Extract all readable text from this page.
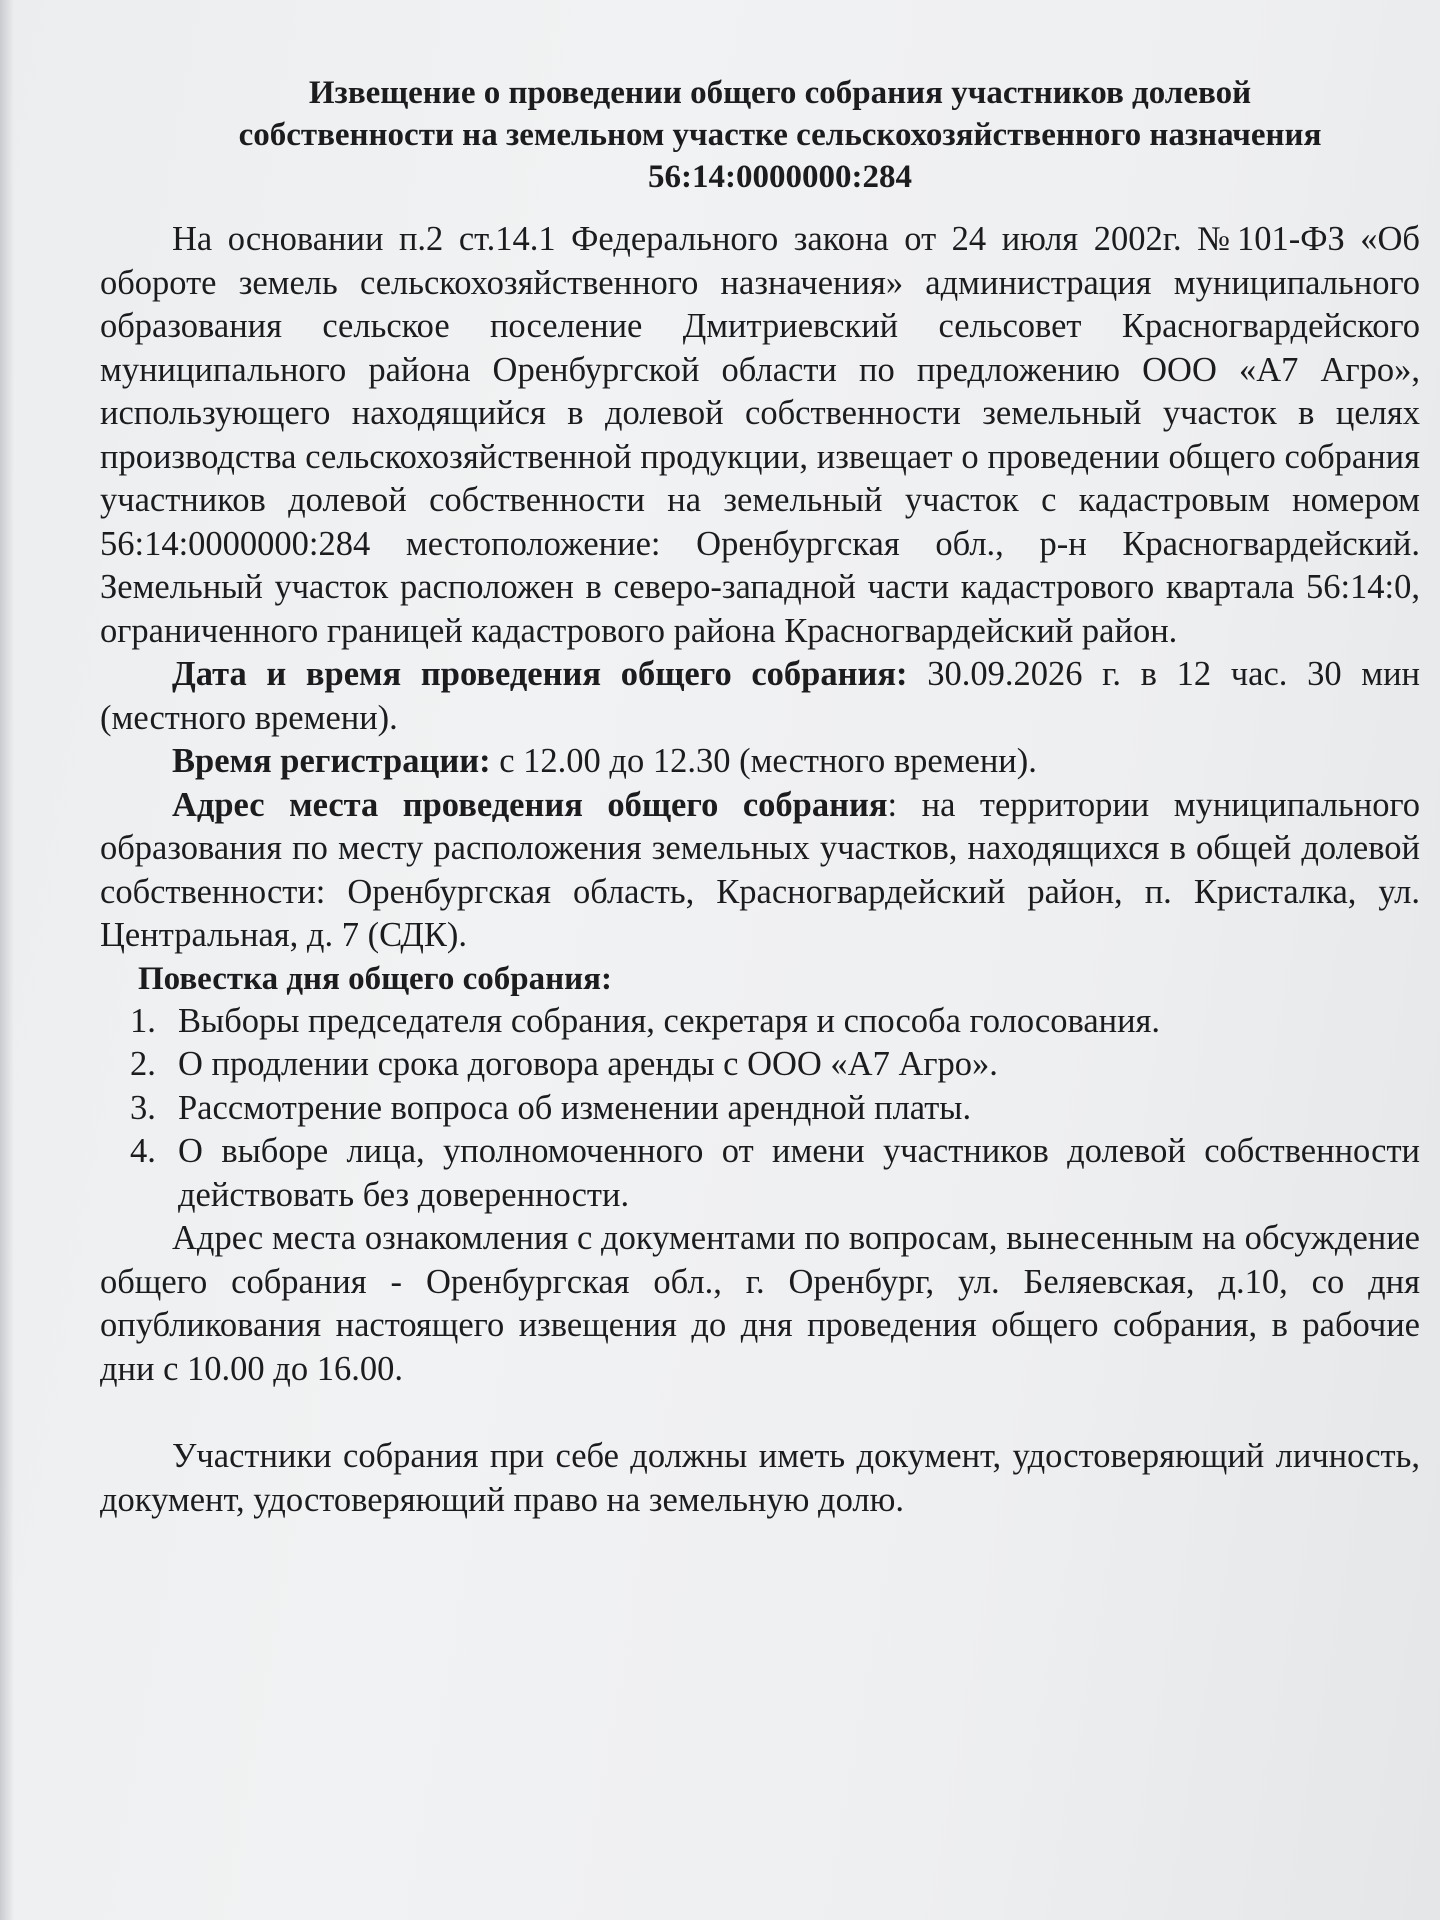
Извещение о проведении общего собрания участников долевой
собственности на земельном участке сельскохозяйственного назначения
56:14:0000000:284

На основании п.2 ст.14.1 Федерального закона от 24 июля 2002г. №101-ФЗ «Об обороте земель сельскохозяйственного назначения» администрация муниципального образования сельское поселение Дмитриевский сельсовет Красногвардейского муниципального района Оренбургской области по предложению ООО «А7 Агро», использующего находящийся в долевой собственности земельный участок в целях производства сельскохозяйственной продукции, извещает о проведении общего собрания участников долевой собственности на земельный участок с кадастровым номером 56:14:0000000:284 местоположение: Оренбургская обл., р-н Красногвардейский. Земельный участок расположен в северо-западной части кадастрового квартала 56:14:0, ограниченного границей кадастрового района Красногвардейский район.

Дата и время проведения общего собрания: 30.09.2026 г. в 12 час. 30 мин (местного времени).

Время регистрации: с 12.00 до 12.30 (местного времени).

Адрес места проведения общего собрания: на территории муниципального образования по месту расположения земельных участков, находящихся в общей долевой собственности: Оренбургская область, Красногвардейский район, п. Кристалка, ул. Центральная, д. 7 (СДК).

Повестка дня общего собрания:
1. Выборы председателя собрания, секретаря и способа голосования.
2. О продлении срока договора аренды с ООО «А7 Агро».
3. Рассмотрение вопроса об изменении арендной платы.
4. О выборе лица, уполномоченного от имени участников долевой собственности действовать без доверенности.

Адрес места ознакомления с документами по вопросам, вынесенным на обсуждение общего собрания - Оренбургская обл., г. Оренбург, ул. Беляевская, д.10, со дня опубликования настоящего извещения до дня проведения общего собрания, в рабочие дни с 10.00 до 16.00.

Участники собрания при себе должны иметь документ, удостоверяющий личность, документ, удостоверяющий право на земельную долю.
